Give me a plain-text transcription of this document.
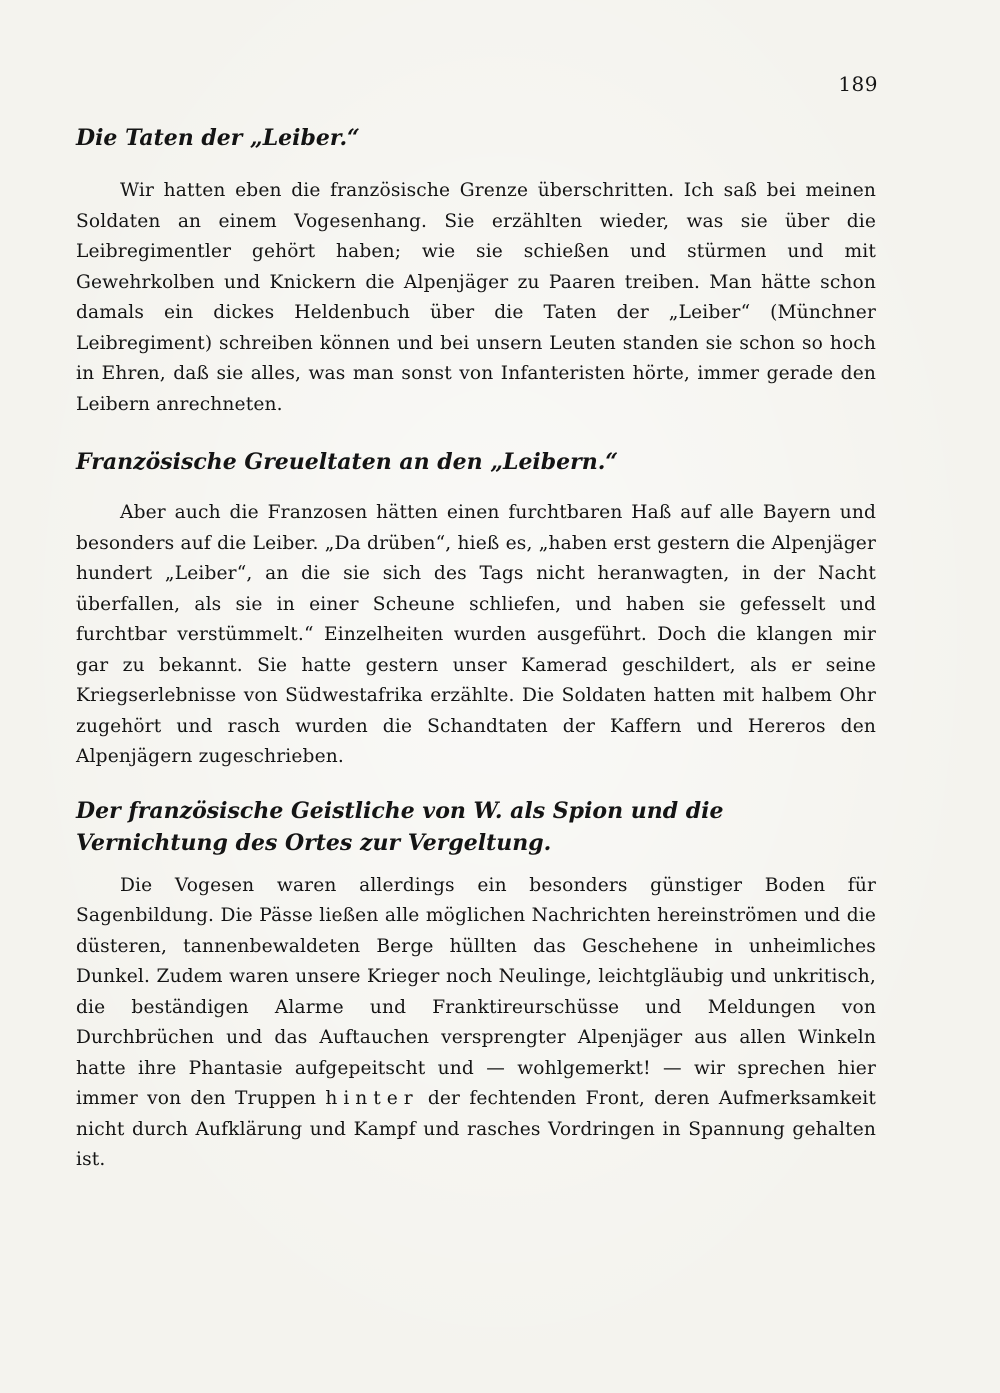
189
Die Taten der „Leiber.“

Wir hatten eben die französische Grenze überschritten. Ich saß bei meinen Soldaten an einem Vogesenhang. Sie erzählten wieder, was sie über die Leibregimentler gehört haben; wie sie schießen und stürmen und mit Gewehrkolben und Knickern die Alpenjäger zu Paaren treiben. Man hätte schon damals ein dickes Heldenbuch über die Taten der „Leiber“ (Münchner Leibregiment) schreiben können und bei unsern Leuten standen sie schon so hoch in Ehren, daß sie alles, was man sonst von Infanteristen hörte, immer gerade den Leibern anrechneten.

Französische Greueltaten an den „Leibern.“

Aber auch die Franzosen hätten einen furchtbaren Haß auf alle Bayern und besonders auf die Leiber. „Da drüben“, hieß es, „haben erst gestern die Alpenjäger hundert „Leiber“, an die sie sich des Tags nicht heranwagten, in der Nacht überfallen, als sie in einer Scheune schliefen, und haben sie gefesselt und furchtbar verstümmelt.“ Einzelheiten wurden ausgeführt. Doch die klangen mir gar zu bekannt. Sie hatte gestern unser Kamerad geschildert, als er seine Kriegserlebnisse von Südwestafrika erzählte. Die Soldaten hatten mit halbem Ohr zugehört und rasch wurden die Schandtaten der Kaffern und Hereros den Alpenjägern zugeschrieben.

Der französische Geistliche von W. als Spion und die Vernichtung des Ortes zur Vergeltung.

Die Vogesen waren allerdings ein besonders günstiger Boden für Sagenbildung. Die Pässe ließen alle möglichen Nachrichten hereinströmen und die düsteren, tannenbewaldeten Berge hüllten das Geschehene in unheimliches Dunkel. Zudem waren unsere Krieger noch Neulinge, leichtgläubig und unkritisch, die beständigen Alarme und Franktireurschüsse und Meldungen von Durchbrüchen und das Auftauchen versprengter Alpenjäger aus allen Winkeln hatte ihre Phantasie aufgepeitscht und — wohlgemerkt! — wir sprechen hier immer von den Truppen hinter der fechtenden Front, deren Aufmerksamkeit nicht durch Aufklärung und Kampf und rasches Vordringen in Spannung gehalten ist.
